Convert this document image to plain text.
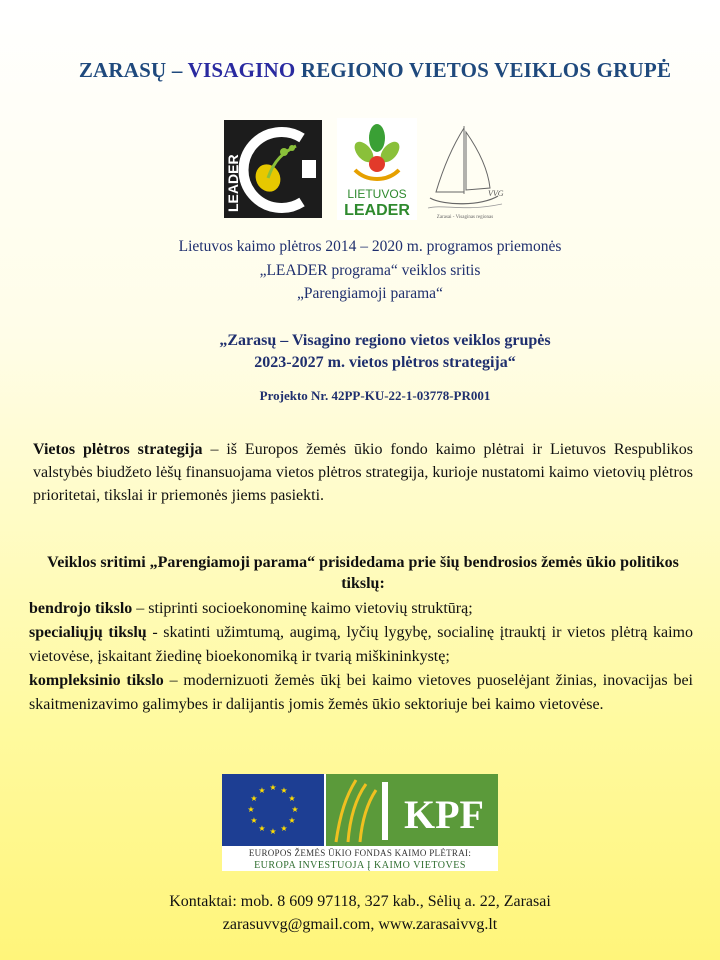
ZARASŲ – VISAGINO REGIONO VIETOS VEIKLOS GRUPĖ
LEADER	LIETUVOS
LEADER
VVG
Zarasai - Visaginas regionas
Lietuvos kaimo plėtros 2014 – 2020 m. programos priemonės
„LEADER programa“ veiklos sritis
„Parengiamoji parama“
„Zarasų – Visagino regiono vietos veiklos grupės
2023-2027 m. vietos plėtros strategija“
Projekto Nr. 42PP-KU-22-1-03778-PR001
Vietos plėtros strategija – iš Europos žemės ūkio fondo kaimo plėtrai ir Lietuvos Respublikos valstybės biudžeto lėšų finansuojama vietos plėtros strategija, kurioje nustatomi kaimo vietovių plėtros prioritetai, tikslai ir priemonės jiems pasiekti.
Veiklos sritimi „Parengiamoji parama“ prisidedama prie šių bendrosios žemės ūkio politikos tikslų:

bendrojo tikslo – stiprinti socioekonominę kaimo vietovių struktūrą;

specialiųjų tikslų - skatinti užimtumą, augimą, lyčių lygybę, socialinę įtrauktį ir vietos plėtrą kaimo vietovėse, įskaitant žiedinę bioekonomiką ir tvarią miškininkystę;

kompleksinio tikslo – modernizuoti žemės ūkį bei kaimo vietoves puoselėjant žinias, inovacijas bei skaitmenizavimo galimybes ir dalijantis jomis žemės ūkio sektoriuje bei kaimo vietovėse.

★ ★
★
★
★
★
★
★
★
★
★
★
KPF
EUROPOS ŽEMĖS ŪKIO FONDAS KAIMO PLĖTRAI:
EUROPA INVESTUOJA Į KAIMO VIETOVES
Kontaktai: mob. 8 609 97118, 327 kab., Sėlių a. 22, Zarasai
zarasuvvg@gmail.com, www.zarasaivvg.lt
